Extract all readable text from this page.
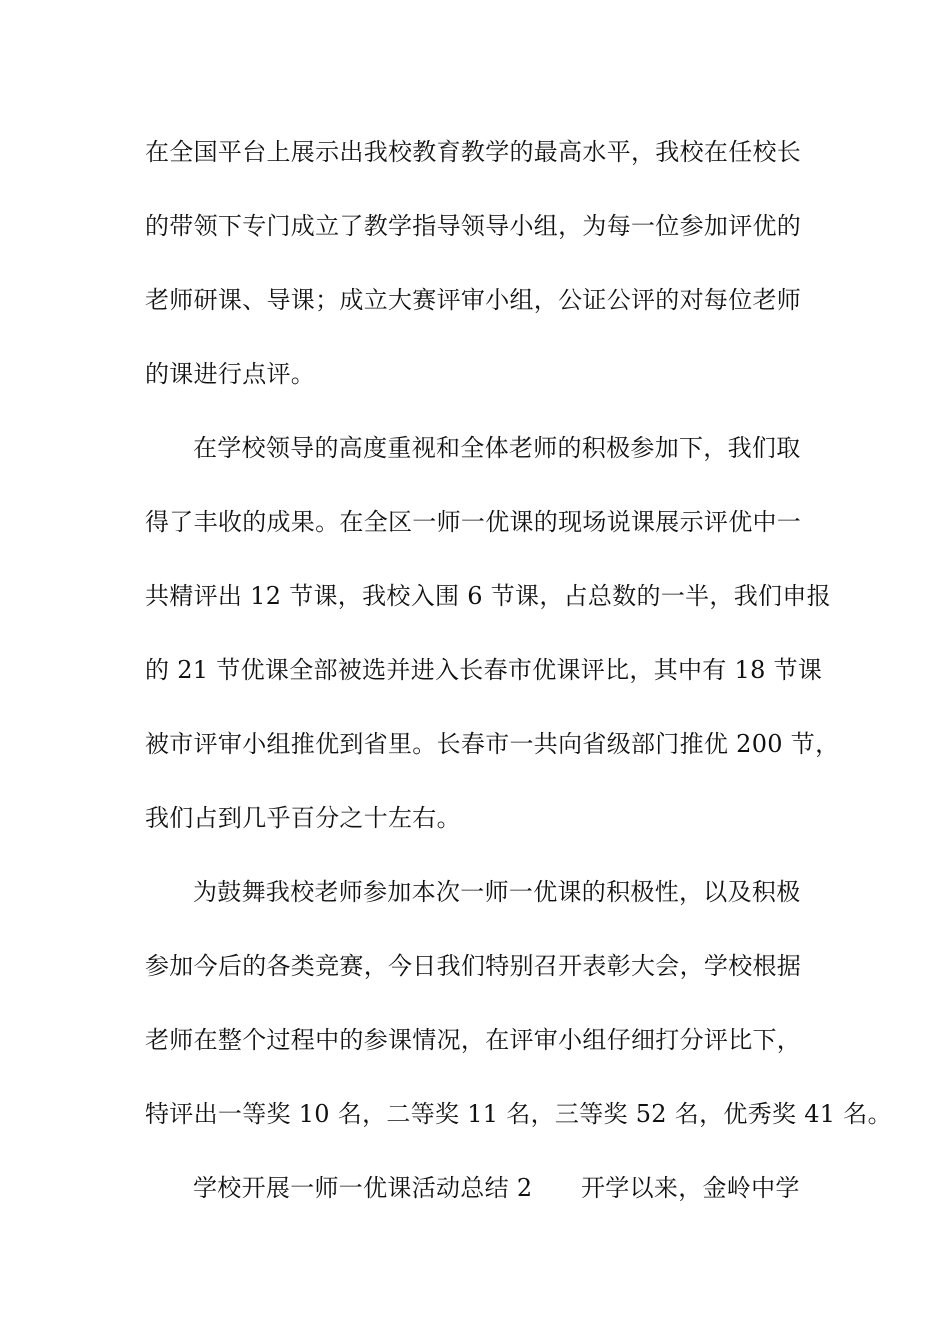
在全国平台上展示出我校教育教学的最高水平，我校在任校长
的带领下专门成立了教学指导领导小组，为每一位参加评优的
老师研课、导课；成立大赛评审小组，公证公评的对每位老师
的课进行点评。
在学校领导的高度重视和全体老师的积极参加下，我们取
得了丰收的成果。在全区一师一优课的现场说课展示评优中一
共精评出 12 节课，我校入围 6 节课，占总数的一半，我们申报
的 21 节优课全部被选并进入长春市优课评比，其中有 18 节课
被市评审小组推优到省里。长春市一共向省级部门推优 200 节，
我们占到几乎百分之十左右。
为鼓舞我校老师参加本次一师一优课的积极性，以及积极
参加今后的各类竞赛，今日我们特别召开表彰大会，学校根据
老师在整个过程中的参课情况，在评审小组仔细打分评比下，
特评出一等奖 10 名，二等奖 11 名，三等奖 52 名，优秀奖 41 名。
学校开展一师一优课活动总结 2　　开学以来，金岭中学
